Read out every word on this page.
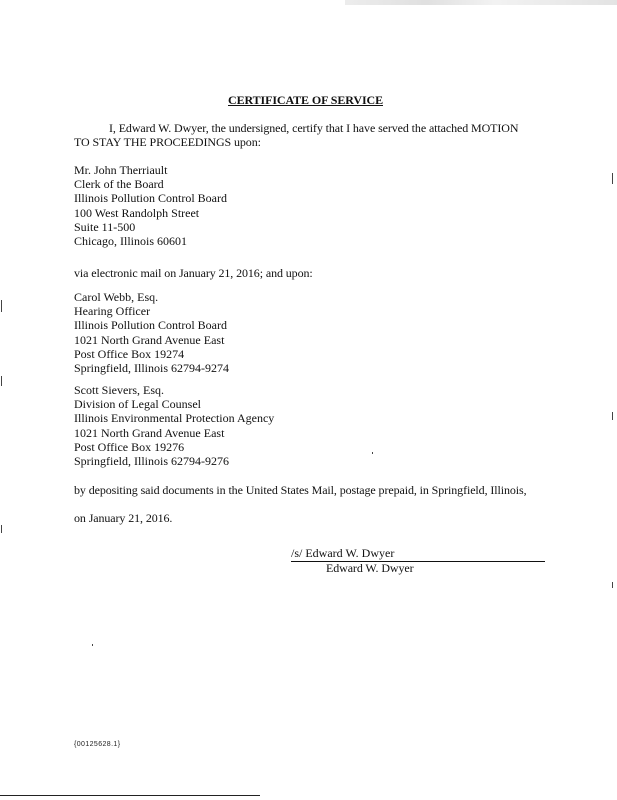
CERTIFICATE OF SERVICE
I, Edward W. Dwyer, the undersigned, certify that I have served the attached MOTION
TO STAY THE PROCEEDINGS upon:
Mr. John Therriault
Clerk of the Board
Illinois Pollution Control Board
100 West Randolph Street
Suite 11-500
Chicago, Illinois 60601
via electronic mail on January 21, 2016; and upon:
Carol Webb, Esq.
Hearing Officer
Illinois Pollution Control Board
1021 North Grand Avenue East
Post Office Box 19274
Springfield, Illinois 62794-9274
Scott Sievers, Esq.
Division of Legal Counsel
Illinois Environmental Protection Agency
1021 North Grand Avenue East
Post Office Box 19276
Springfield, Illinois 62794-9276
by depositing said documents in the United States Mail, postage prepaid, in Springfield, Illinois,
on January 21, 2016.
/s/ Edward W. Dwyer
Edward W. Dwyer
{00125628.1}
